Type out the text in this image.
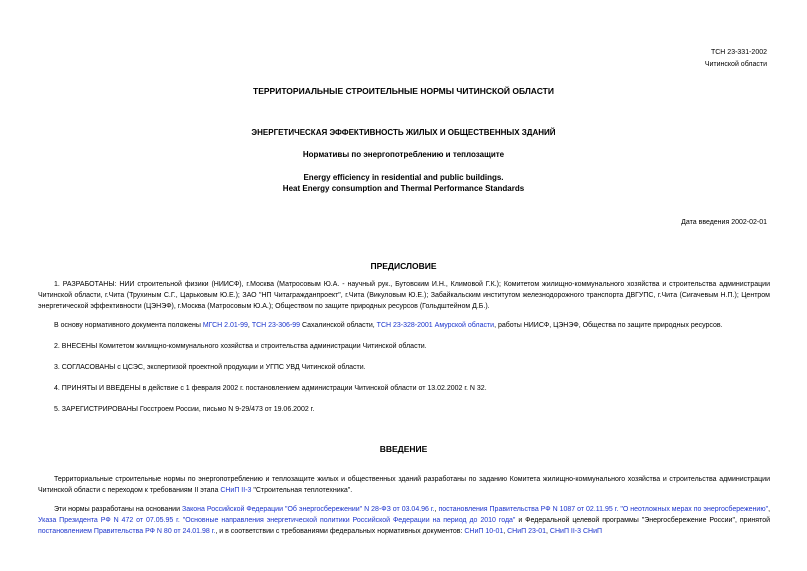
ТСН 23-331-2002
Читинской области
ТЕРРИТОРИАЛЬНЫЕ СТРОИТЕЛЬНЫЕ НОРМЫ ЧИТИНСКОЙ ОБЛАСТИ
ЭНЕРГЕТИЧЕСКАЯ ЭФФЕКТИВНОСТЬ ЖИЛЫХ И ОБЩЕСТВЕННЫХ ЗДАНИЙ
Нормативы по энергопотреблению и теплозащите
Energy efficiency in residential and public buildings.
Heat Energy consumption and Thermal Performance Standards
Дата введения 2002-02-01
ПРЕДИСЛОВИЕ
1. РАЗРАБОТАНЫ: НИИ строительной физики (НИИСФ), г.Москва (Матросовым Ю.А. - научный рук., Бутовским И.Н., Климовой Г.К.); Комитетом жилищно-коммунального хозяйства и строительства администрации Читинской области, г.Чита (Трухиным С.Г., Царьковым Ю.Е.); ЗАО "НП Читагражданпроект", г.Чита (Викуловым Ю.Е.); Забайкальским институтом железнодорожного транспорта ДВГУПС, г.Чита (Сигачевым Н.П.); Центром энергетической эффективности (ЦЭНЭФ), г.Москва (Матросовым Ю.А.); Обществом по защите природных ресурсов (Гольдштейном Д.Б.).
В основу нормативного документа положены МГСН 2.01-99, ТСН 23-306-99 Сахалинской области, ТСН 23-328-2001 Амурской области, работы НИИСФ, ЦЭНЭФ, Общества по защите природных ресурсов.
2. ВНЕСЕНЫ Комитетом жилищно-коммунального хозяйства и строительства администрации Читинской области.
3. СОГЛАСОВАНЫ с ЦСЭС, экспертизой проектной продукции и УГПС УВД Читинской области.
4. ПРИНЯТЫ И ВВЕДЕНЫ в действие с 1 февраля 2002 г. постановлением администрации Читинской области от 13.02.2002 г. N 32.
5. ЗАРЕГИСТРИРОВАНЫ Госстроем России, письмо N 9-29/473 от 19.06.2002 г.
ВВЕДЕНИЕ
Территориальные строительные нормы по энергопотреблению и теплозащите жилых и общественных зданий разработаны по заданию Комитета жилищно-коммунального хозяйства и строительства администрации Читинской области с переходом к требованиям II этапа СНиП II-3 "Строительная теплотехника".
Эти нормы разработаны на основании Закона Российской Федерации "Об энергосбережении" N 28-ФЗ от 03.04.96 г., постановления Правительства РФ N 1087 от 02.11.95 г. "О неотложных мерах по энергосбережению", Указа Президента РФ N 472 от 07.05.95 г. "Основные направления энергетической политики Российской Федерации на период до 2010 года" и Федеральной целевой программы "Энергосбережение России", принятой постановлением Правительства РФ N 80 от 24.01.98 г., и в соответствии с требованиями федеральных нормативных документов: СНиП 10-01, СНиП 23-01, СНиП II-3 СНиП
